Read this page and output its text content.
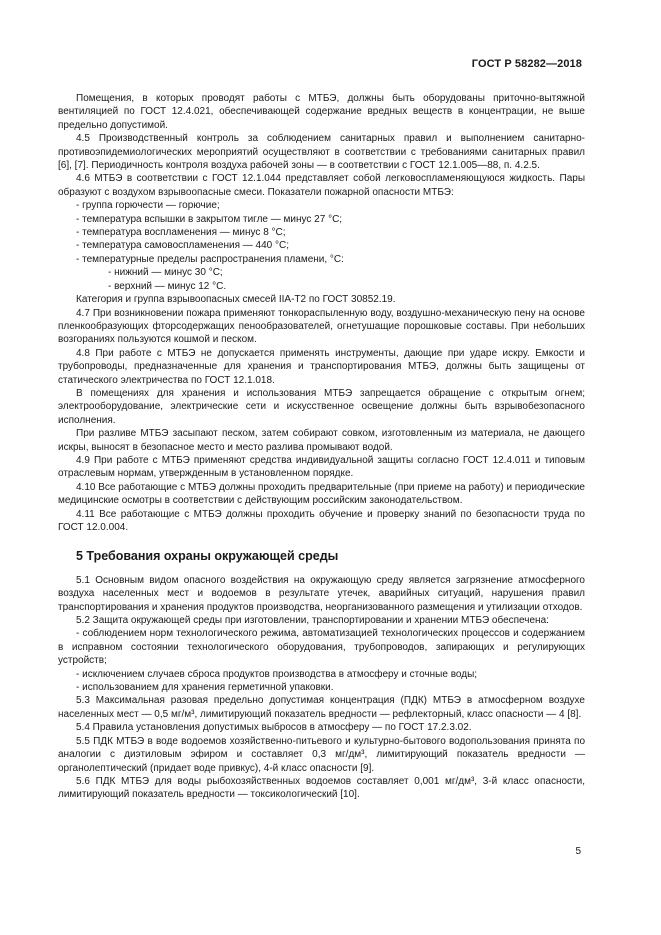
ГОСТ Р 58282—2018

Помещения, в которых проводят работы с МТБЭ, должны быть оборудованы приточно-вытяжной вентиляцией по ГОСТ 12.4.021, обеспечивающей содержание вредных веществ в концентрации, не выше предельно допустимой.

4.5 Производственный контроль за соблюдением санитарных правил и выполнением санитарно-противоэпидемиологических мероприятий осуществляют в соответствии с требованиями санитарных правил [6], [7]. Периодичность контроля воздуха рабочей зоны — в соответствии с ГОСТ 12.1.005—88, п. 4.2.5.

4.6 МТБЭ в соответствии с ГОСТ 12.1.044 представляет собой легковоспламеняющуюся жидкость. Пары образуют с воздухом взрывоопасные смеси. Показатели пожарной опасности МТБЭ:

- группа горючести — горючие;

- температура вспышки в закрытом тигле — минус 27 °C;

- температура воспламенения — минус 8 °C;

- температура самовоспламенения — 440 °C;

- температурные пределы распространения пламени, °С:

- нижний — минус 30 °C;

- верхний — минус 12 °C.

Категория и группа взрывоопасных смесей IIA-T2 по ГОСТ 30852.19.

4.7 При возникновении пожара применяют тонкораспыленную воду, воздушно-механическую пену на основе пленкообразующих фторсодержащих пенообразователей, огнетушащие порошковые составы. При небольших возгораниях пользуются кошмой и песком.

4.8 При работе с МТБЭ не допускается применять инструменты, дающие при ударе искру. Емкости и трубопроводы, предназначенные для хранения и транспортирования МТБЭ, должны быть защищены от статического электричества по ГОСТ 12.1.018.

В помещениях для хранения и использования МТБЭ запрещается обращение с открытым огнем; электрооборудование, электрические сети и искусственное освещение должны быть взрывобезопасного исполнения.

При разливе МТБЭ засыпают песком, затем собирают совком, изготовленным из материала, не дающего искры, выносят в безопасное место и место разлива промывают водой.

4.9 При работе с МТБЭ применяют средства индивидуальной защиты согласно ГОСТ 12.4.011 и типовым отраслевым нормам, утвержденным в установленном порядке.

4.10 Все работающие с МТБЭ должны проходить предварительные (при приеме на работу) и периодические медицинские осмотры в соответствии с действующим российским законодательством.

4.11 Все работающие с МТБЭ должны проходить обучение и проверку знаний по безопасности труда по ГОСТ 12.0.004.

5 Требования охраны окружающей среды

5.1 Основным видом опасного воздействия на окружающую среду является загрязнение атмосферного воздуха населенных мест и водоемов в результате утечек, аварийных ситуаций, нарушения правил транспортирования и хранения продуктов производства, неорганизованного размещения и утилизации отходов.

5.2 Защита окружающей среды при изготовлении, транспортировании и хранении МТБЭ обеспечена:

- соблюдением норм технологического режима, автоматизацией технологических процессов и содержанием в исправном состоянии технологического оборудования, трубопроводов, запирающих и регулирующих устройств;

- исключением случаев сброса продуктов производства в атмосферу и сточные воды;

- использованием для хранения герметичной упаковки.

5.3 Максимальная разовая предельно допустимая концентрация (ПДК) МТБЭ в атмосферном воздухе населенных мест — 0,5 мг/м³, лимитирующий показатель вредности — рефлекторный, класс опасности — 4 [8].

5.4 Правила установления допустимых выбросов в атмосферу — по ГОСТ 17.2.3.02.

5.5 ПДК МТБЭ в воде водоемов хозяйственно-питьевого и культурно-бытового водопользования принята по аналогии с диэтиловым эфиром и составляет 0,3 мг/дм³, лимитирующий показатель вредности — органолептический (придает воде привкус), 4-й класс опасности [9].

5.6 ПДК МТБЭ для воды рыбохозяйственных водоемов составляет 0,001 мг/дм³, 3-й класс опасности, лимитирующий показатель вредности — токсикологический [10].

5
